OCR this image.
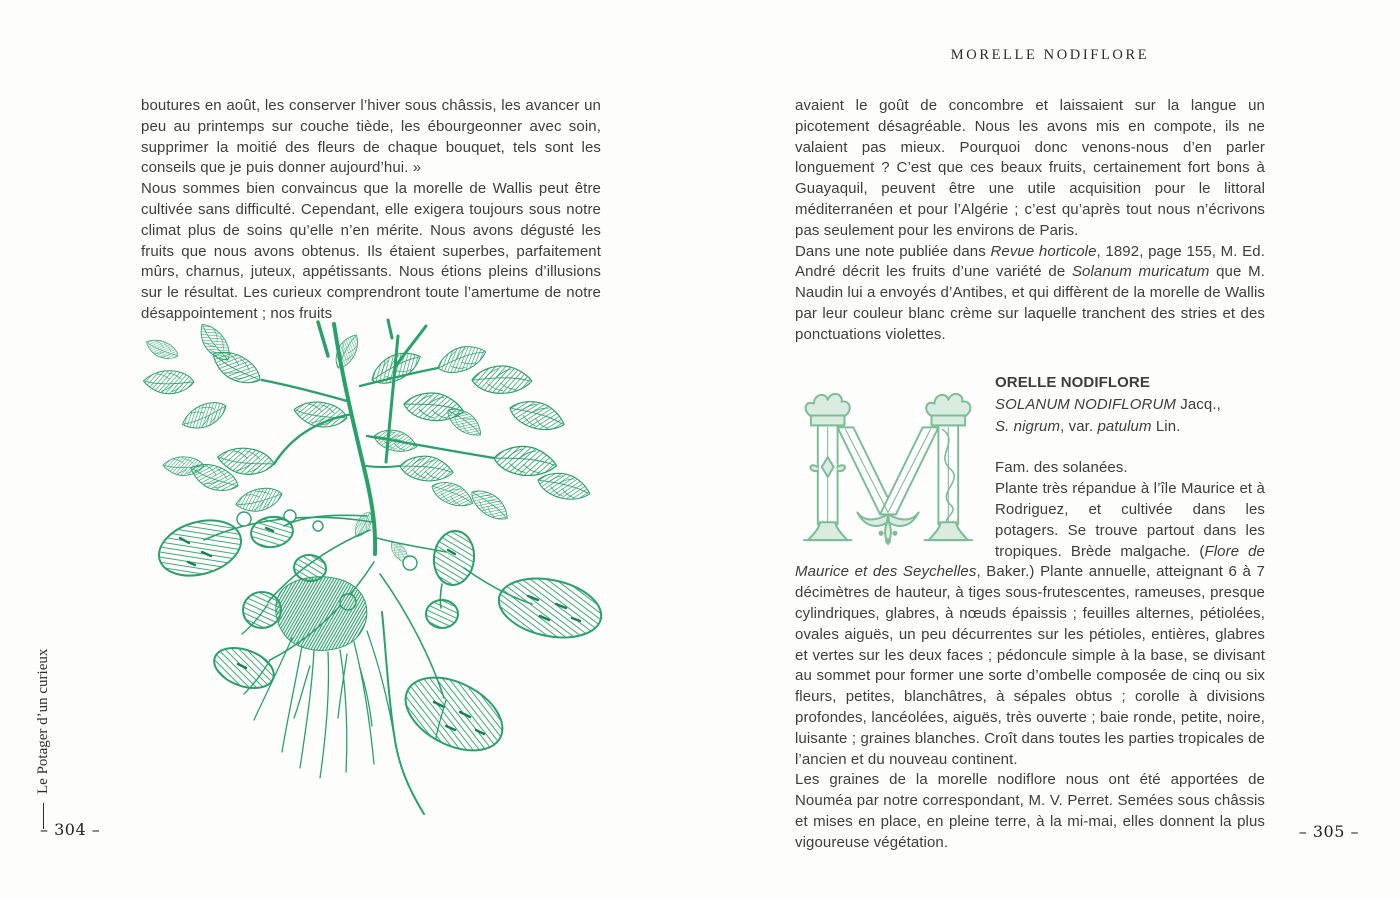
MORELLE NODIFLORE

boutures en août, les conserver l’hiver sous châssis, les avancer un peu au printemps sur couche tiède, les ébourgeonner avec soin, supprimer la moitié des fleurs de chaque bouquet, tels sont les conseils que je puis donner aujourd’hui. »

Nous sommes bien convaincus que la morelle de Wallis peut être cultivée sans difficulté. Cependant, elle exigera toujours sous notre climat plus de soins qu’elle n’en mérite. Nous avons dégusté les fruits que nous avons obtenus. Ils étaient superbes, parfaitement mûrs, charnus, juteux, appétissants. Nous étions pleins d’illusions sur le résultat. Les curieux comprendront toute l’amertume de notre désappointement ; nos fruits

Le Potager d’un curieux
– 304 –	– 305 –

avaient le goût de concombre et laissaient sur la langue un picotement désagréable. Nous les avons mis en compote, ils ne valaient pas mieux. Pourquoi donc venons-nous d’en parler longuement ? C’est que ces beaux fruits, certainement fort bons à Guayaquil, peuvent être une utile acquisition pour le littoral méditerranéen et pour l’Algérie ; c’est qu’après tout nous n’écrivons pas seulement pour les environs de Paris.

Dans une note publiée dans Revue horticole, 1892, page 155, M. Ed. André décrit les fruits d’une variété de Solanum muricatum que M. Naudin lui a envoyés d’Antibes, et qui diffèrent de la morelle de Wallis par leur couleur blanc crème sur laquelle tranchent des stries et des ponctuations violettes.

ORELLE NODIFLORE
SOLANUM NODIFLORUM Jacq.,
S. nigrum, var. patulum Lin.

Fam. des solanées.
Plante très répandue à l’île Maurice et à Rodriguez, et cultivée dans les potagers. Se trouve partout dans les tropiques. Brède malgache. (Flore de Maurice et des Seychelles, Baker.) Plante annuelle, atteignant 6 à 7 décimètres de hauteur, à tiges sous-frutescentes, rameuses, presque cylindriques, glabres, à nœuds épaissis ; feuilles alternes, pétiolées, ovales aiguës, un peu décurrentes sur les pétioles, entières, glabres et vertes sur les deux faces ; pédoncule simple à la base, se divisant au sommet pour former une sorte d’ombelle composée de cinq ou six fleurs, petites, blanchâtres, à sépales obtus ; corolle à divisions profondes, lancéolées, aiguës, très ouverte ; baie ronde, petite, noire, luisante ; graines blanches. Croît dans toutes les parties tropicales de l’ancien et du nouveau continent.

Les graines de la morelle nodiflore nous ont été apportées de Nouméa par notre correspondant, M. V. Perret. Semées sous châssis et mises en place, en pleine terre, à la mi-mai, elles donnent la plus vigoureuse végétation.
